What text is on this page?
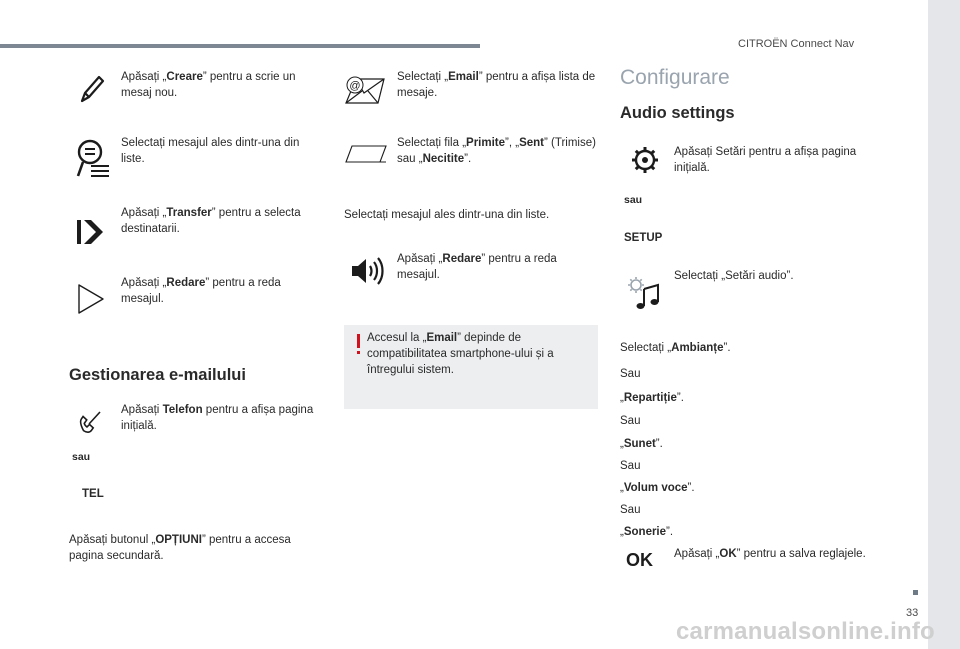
CITROËN Connect Nav
33
carmanualsonline.info
Apăsați „Creare” pentru a scrie un mesaj nou.
Selectați mesajul ales dintr-una din liste.
Apăsați „Transfer” pentru a selecta destinatarii.
Apăsați „Redare” pentru a reda mesajul.
Gestionarea e-mailului
Apăsați Telefon pentru a afișa pagina inițială.
sau
TEL
Apăsați butonul „OPȚIUNI” pentru a accesa pagina secundară.
@
Selectați „Email” pentru a afișa lista de mesaje.
Selectați fila „Primite”, „Sent” (Trimise) sau „Necitite”.
Selectați mesajul ales dintr-una din liste.
Apăsați „Redare” pentru a reda mesajul.
Accesul la „Email” depinde de compatibilitatea smartphone-ului și a întregului sistem.
Configurare
Audio settings
Apăsați Setări pentru a afișa pagina inițială.
sau
SETUP
Selectați „Setări audio”.
Selectați „Ambianțe”.
Sau
„Repartiție”.
Sau
„Sunet”.
Sau
„Volum voce”.
Sau
„Sonerie”.
OK Apăsați „OK” pentru a salva reglajele.
